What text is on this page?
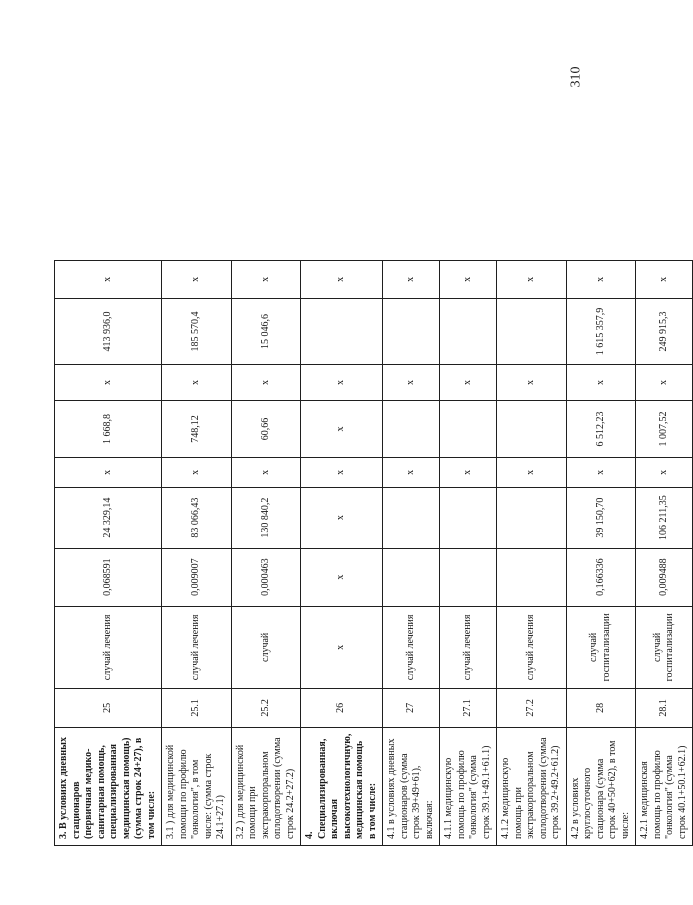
310
3. В условиях дневных стационаров (первичная медико-санитарная помощь, специализированная медицинская помощь) (сумма строк 24+27), в том числе:	25	случай лечения	0,068591	24 329,14	х	1 668,8	х	413 936,0	х
3.1 ) для медицинской помощи по профилю "онкология", в том числе: (сумма строк 24.1+27.1)	25.1	случай лечения	0,009007	83 066,43	х	748,12	х	185 570,4	х
3.2 ) для медицинской помощи при экстракорпоральном оплодотворении (сумма строк 24.2+27.2)	25.2	случай	0,000463	130 840,2	х	60,66	х	15 046,6	х
4. Специализированная, включая высокотехнологичную, медицинская помощь в том числе:	26	х	х	х	х	х	х		х
4.1 в условиях дневных стационаров (сумма строк 39+49+61), включая:	27	случай лечения			х		х		х
4.1.1 медицинскую помощь по профилю "онкология" (сумма строк 39.1+49.1+61.1)	27.1	случай лечения			х		х		х
4.1.2 медицинскую помощь при экстракорпоральном оплодотворении (сумма строк 39.2+49.2+61.2)	27.2	случай лечения			х		х		х
4.2 в условиях круглосуточного стационара (сумма строк 40+50+62), в том числе:	28	случай госпитализации	0,166336	39 150,70	х	6 512,23	х	1 615 357,9	х
4.2.1 медицинская помощь по профилю "онкология" (сумма строк 40.1+50.1+62.1)	28.1	случай госпитализации	0,009488	106 211,35	х	1 007,52	х	249 915,3	х
